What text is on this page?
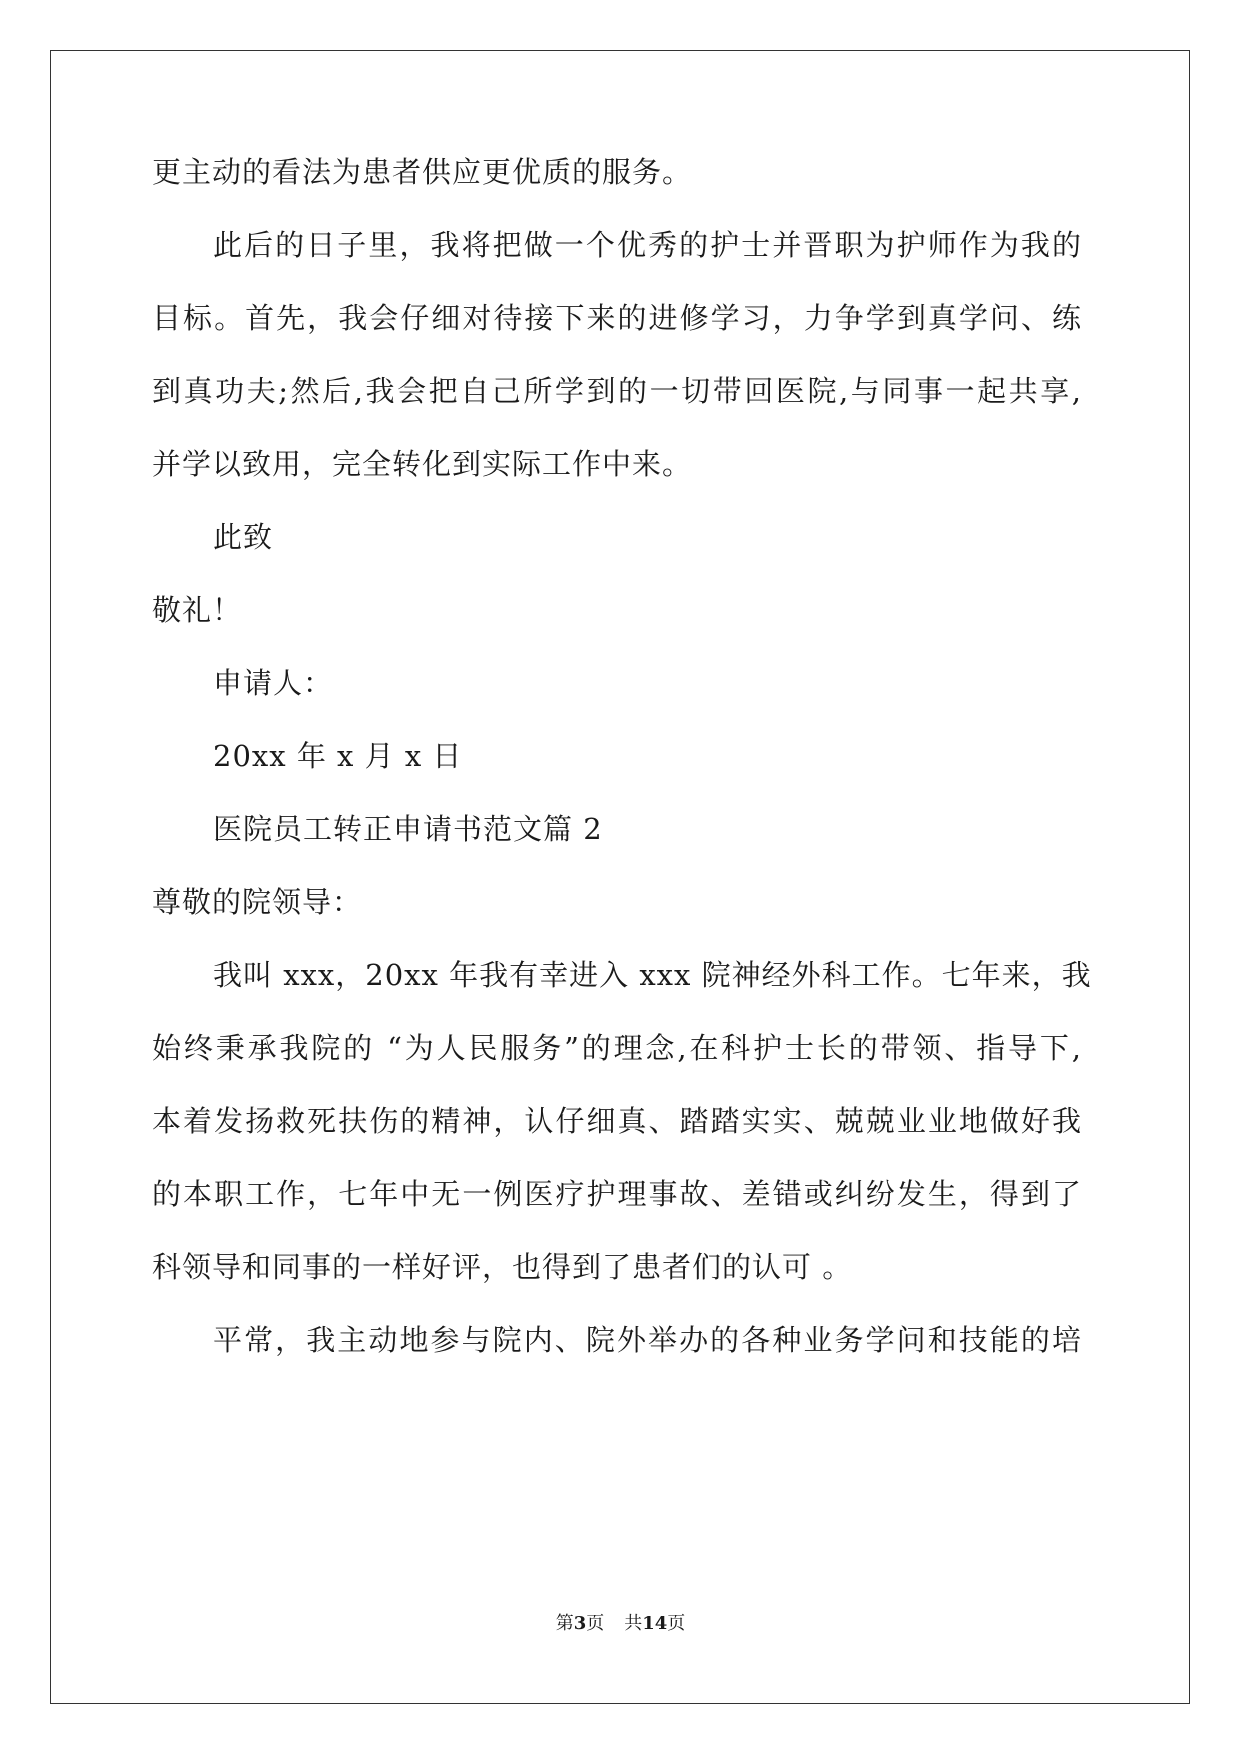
更主动的看法为患者供应更优质的服务。
此后的日子里，我将把做一个优秀的护士并晋职为护师作为我的
目标。首先，我会仔细对待接下来的进修学习，力争学到真学问、练
到真功夫;然后,我会把自己所学到的一切带回医院,与同事一起共享,
并学以致用，完全转化到实际工作中来。
此致
敬礼！
申请人：
20xx 年 x 月 x 日
医院员工转正申请书范文篇 2
尊敬的院领导：
我叫 xxx，20xx 年我有幸进入 xxx 院神经外科工作。七年来，我
始终秉承我院的 “为人民服务”的理念,在科护士长的带领、指导下,
本着发扬救死扶伤的精神，认仔细真、踏踏实实、兢兢业业地做好我
的本职工作，七年中无一例医疗护理事故、差错或纠纷发生，得到了
科领导和同事的一样好评，也得到了患者们的认可 。
平常，我主动地参与院内、院外举办的各种业务学问和技能的培
第3页 共14页
